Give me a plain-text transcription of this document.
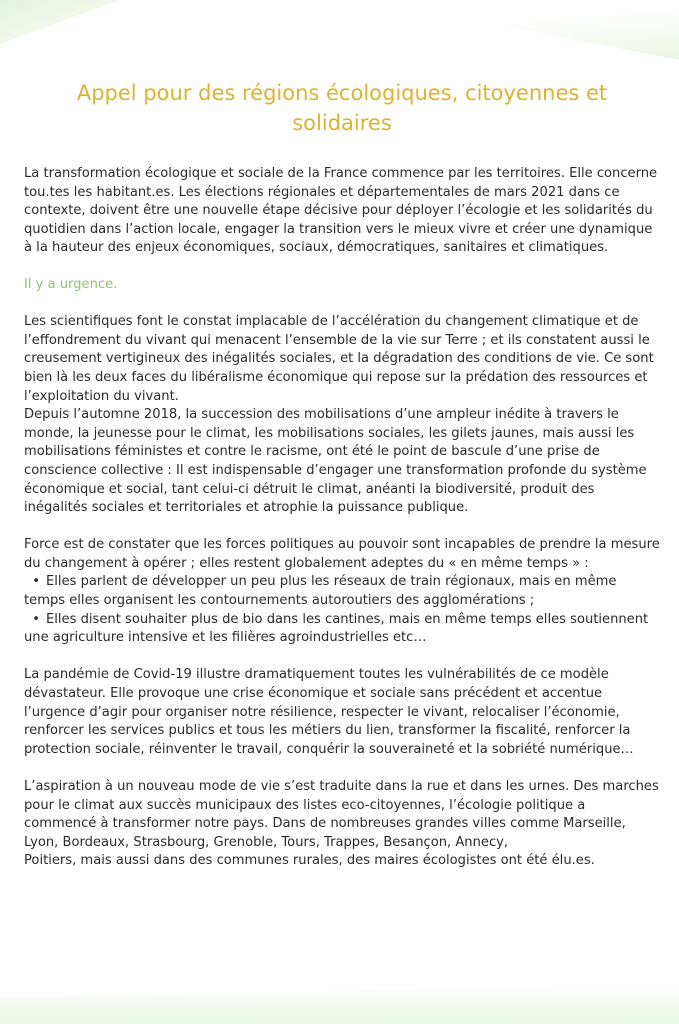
Appel pour des régions écologiques, citoyennes et solidaires

La transformation écologique et sociale de la France commence par les territoires. Elle concerne tou.tes les habitant.es. Les élections régionales et départementales de mars 2021 dans ce contexte, doivent être une nouvelle étape décisive pour déployer l’écologie et les solidarités du quotidien dans l’action locale, engager la transition vers le mieux vivre et créer une dynamique à la hauteur des enjeux économiques, sociaux, démocratiques, sanitaires et climatiques.

Il y a urgence.

Les scientifiques font le constat implacable de l’accélération du changement climatique et de l’effondrement du vivant qui menacent l’ensemble de la vie sur Terre ; et ils constatent aussi le creusement vertigineux des inégalités sociales, et la dégradation des conditions de vie. Ce sont bien là les deux faces du libéralisme économique qui repose sur la prédation des ressources et l’exploitation du vivant.

Depuis l’automne 2018, la succession des mobilisations d’une ampleur inédite à travers le monde, la jeunesse pour le climat, les mobilisations sociales, les gilets jaunes, mais aussi les mobilisations féministes et contre le racisme, ont été le point de bascule d’une prise de conscience collective : Il est indispensable d’engager une transformation profonde du système économique et social, tant celui-ci détruit le climat, anéanti la biodiversité, produit des inégalités sociales et territoriales et atrophie la puissance publique.

Force est de constater que les forces politiques au pouvoir sont incapables de prendre la mesure du changement à opérer ; elles restent globalement adeptes du « en même temps » :

• Elles parlent de développer un peu plus les réseaux de train régionaux, mais en même temps elles organisent les contournements autoroutiers des agglomérations ;
• Elles disent souhaiter plus de bio dans les cantines, mais en même temps elles soutiennent une agriculture intensive et les filières agroindustrielles etc…

La pandémie de Covid-19 illustre dramatiquement toutes les vulnérabilités de ce modèle dévastateur. Elle provoque une crise économique et sociale sans précédent et accentue l’urgence d’agir pour organiser notre résilience, respecter le vivant, relocaliser l’économie, renforcer les services publics et tous les métiers du lien, transformer la fiscalité, renforcer la protection sociale, réinventer le travail, conquérir la souveraineté et la sobriété numérique…

L’aspiration à un nouveau mode de vie s’est traduite dans la rue et dans les urnes. Des marches pour le climat aux succès municipaux des listes eco-citoyennes, l’écologie politique a commencé à transformer notre pays. Dans de nombreuses grandes villes comme Marseille, Lyon, Bordeaux, Strasbourg, Grenoble, Tours, Trappes, Besançon, Annecy,

Poitiers, mais aussi dans des communes rurales, des maires écologistes ont été élu.es.
